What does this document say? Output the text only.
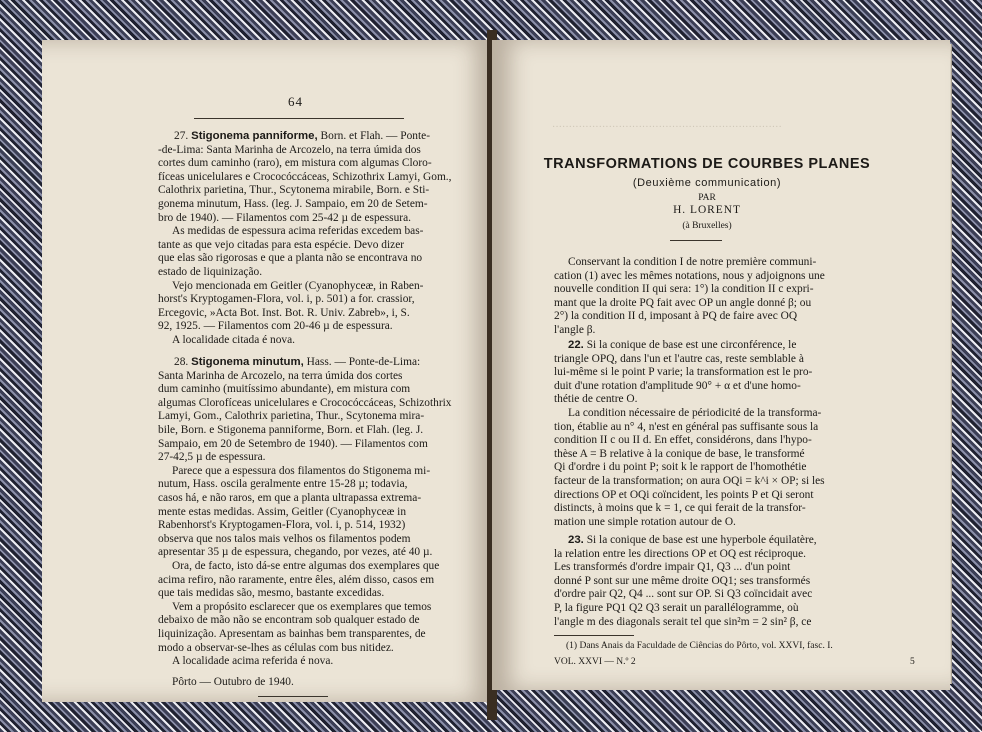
64
27. Stigonema panniforme, Born. et Flah. — Ponte-
-de-Lima: Santa Marinha de Arcozelo, na terra úmida dos
cortes dum caminho (raro), em mistura com algumas Cloro-
fíceas unicelulares e Crococóccáceas, Schizothrix Lamyi, Gom.,
Calothrix parietina, Thur., Scytonema mirabile, Born. e Sti-
gonema minutum, Hass. (leg. J. Sampaio, em 20 de Setem-
bro de 1940). — Filamentos com 25-42 µ de espessura.
As medidas de espessura acima referidas excedem bas-
tante as que vejo citadas para esta espécie. Devo dizer
que elas são rigorosas e que a planta não se encontrava no
estado de liquinização.
Vejo mencionada em Geitler (Cyanophyceæ, in Raben-
horst's Kryptogamen-Flora, vol. i, p. 501) a for. crassior,
Ercegovic, »Acta Bot. Inst. Bot. R. Univ. Zabreb», i, S.
92, 1925. — Filamentos com 20-46 µ de espessura.
A localidade citada é nova.
28. Stigonema minutum, Hass. — Ponte-de-Lima:
Santa Marinha de Arcozelo, na terra úmida dos cortes
dum caminho (muitíssimo abundante), em mistura com
algumas Clorofíceas unicelulares e Crococóccáceas, Schizothrix
Lamyi, Gom., Calothrix parietina, Thur., Scytonema mira-
bile, Born. e Stigonema panniforme, Born. et Flah. (leg. J.
Sampaio, em 20 de Setembro de 1940). — Filamentos com
27-42,5 µ de espessura.
Parece que a espessura dos filamentos do Stigonema mi-
nutum, Hass. oscila geralmente entre 15-28 µ; todavia,
casos há, e não raros, em que a planta ultrapassa extrema-
mente estas medidas. Assim, Geitler (Cyanophyceæ in
Rabenhorst's Kryptogamen-Flora, vol. i, p. 514, 1932)
observa que nos talos mais velhos os filamentos podem
apresentar 35 µ de espessura, chegando, por vezes, até 40 µ.
Ora, de facto, isto dá-se entre algumas dos exemplares que
acima refiro, não raramente, entre êles, além disso, casos em
que tais medidas são, mesmo, bastante excedidas.
Vem a propósito esclarecer que os exemplares que temos
debaixo de mão não se encontram sob qualquer estado de
liquinização. Apresentam as bainhas bem transparentes, de
modo a observar-se-lhes as células com bus nitidez.
A localidade acima referida é nova.
Pôrto — Outubro de 1940.
·····································································
TRANSFORMATIONS DE COURBES PLANES
(Deuxième communication)
PAR
H. LORENT
(à Bruxelles)
Conservant la condition I de notre première communi-
cation (1) avec les mêmes notations, nous y adjoignons une
nouvelle condition II qui sera: 1°) la condition II c expri-
mant que la droite PQ fait avec OP un angle donné β; ou
2°) la condition II d, imposant à PQ de faire avec OQ
l'angle β.
22. Si la conique de base est une circonférence, le
triangle OPQ, dans l'un et l'autre cas, reste semblable à
lui-même si le point P varie; la transformation est le pro-
duit d'une rotation d'amplitude 90° + α et d'une homo-
thétie de centre O.
La condition nécessaire de périodicité de la transforma-
tion, établie au n° 4, n'est en général pas suffisante sous la
condition II c ou II d. En effet, considérons, dans l'hypo-
thèse A = B relative à la conique de base, le transformé
Qi d'ordre i du point P; soit k le rapport de l'homothétie
facteur de la transformation; on aura OQi = k^i × OP; si les
directions OP et OQi coïncident, les points P et Qi seront
distincts, à moins que k = 1, ce qui ferait de la transfor-
mation une simple rotation autour de O.
23. Si la conique de base est une hyperbole équilatère,
la relation entre les directions OP et OQ est réciproque.
Les transformés d'ordre impair Q1, Q3 ... d'un point
donné P sont sur une même droite OQ1; ses transformés
d'ordre pair Q2, Q4 ... sont sur OP. Si Q3 coïncidait avec
P, la figure PQ1 Q2 Q3 serait un parallélogramme, où
l'angle m des diagonals serait tel que sin²m = 2 sin² β, ce
(1) Dans Anais da Faculdade de Ciências do Pôrto, vol. XXVI, fasc. I.
VOL. XXVI — N.º 2	5
